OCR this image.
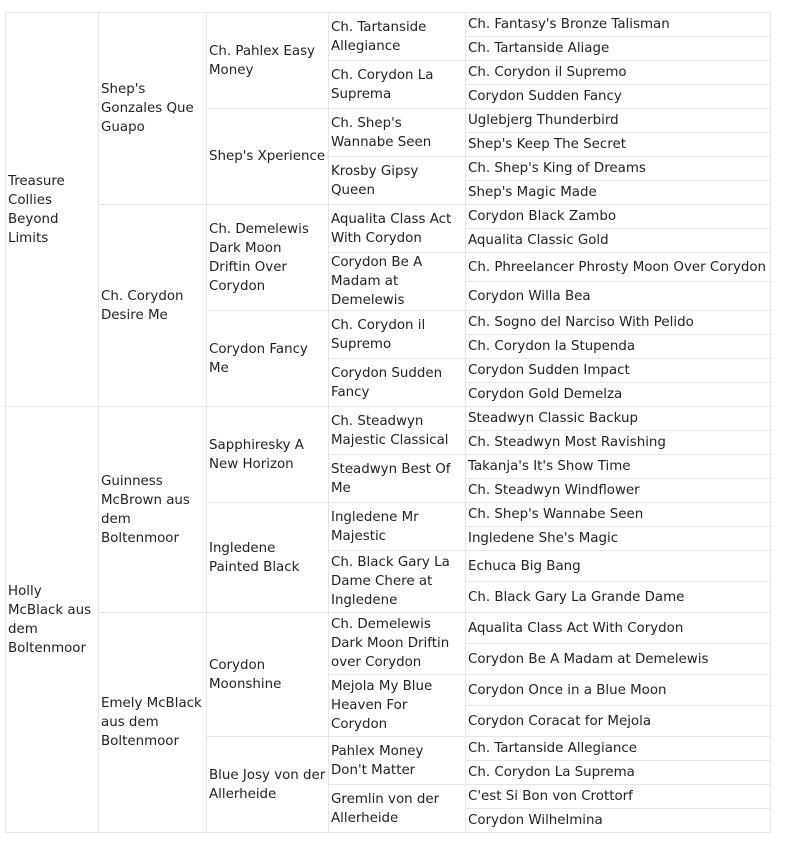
Treasure Collies Beyond Limits	Shep's Gonzales Que Guapo	Ch. Pahlex Easy Money	Ch. Tartanside Allegiance	Ch. Fantasy's Bronze Talisman
				Ch. Tartanside Aliage
			Ch. Corydon La Suprema	Ch. Corydon il Supremo
				Corydon Sudden Fancy
		Shep's Xperience	Ch. Shep's Wannabe Seen	Uglebjerg Thunderbird
				Shep's Keep The Secret
			Krosby Gipsy Queen	Ch. Shep's King of Dreams
				Shep's Magic Made
	Ch. Corydon Desire Me	Ch. Demelewis Dark Moon Driftin Over Corydon	Aqualita Class Act With Corydon	Corydon Black Zambo
				Aqualita Classic Gold
			Corydon Be A Madam at Demelewis	Ch. Phreelancer Phrosty Moon Over Corydon
				Corydon Willa Bea
		Corydon Fancy Me	Ch. Corydon il Supremo	Ch. Sogno del Narciso With Pelido
				Ch. Corydon la Stupenda
			Corydon Sudden Fancy	Corydon Sudden Impact
				Corydon Gold Demelza
Holly McBlack aus dem Boltenmoor	Guinness McBrown aus dem Boltenmoor	Sapphiresky A New Horizon	Ch. Steadwyn Majestic Classical	Steadwyn Classic Backup
				Ch. Steadwyn Most Ravishing
			Steadwyn Best Of Me	Takanja's It's Show Time
				Ch. Steadwyn Windflower
		Ingledene Painted Black	Ingledene Mr Majestic	Ch. Shep's Wannabe Seen
				Ingledene She's Magic
			Ch. Black Gary La Dame Chere at Ingledene	Echuca Big Bang
				Ch. Black Gary La Grande Dame
	Emely McBlack aus dem Boltenmoor	Corydon Moonshine	Ch. Demelewis Dark Moon Driftin over Corydon	Aqualita Class Act With Corydon
				Corydon Be A Madam at Demelewis
			Mejola My Blue Heaven For Corydon	Corydon Once in a Blue Moon
				Corydon Coracat for Mejola
		Blue Josy von der Allerheide	Pahlex Money Don't Matter	Ch. Tartanside Allegiance
				Ch. Corydon La Suprema
			Gremlin von der Allerheide	C'est Si Bon von Crottorf
				Corydon Wilhelmina
